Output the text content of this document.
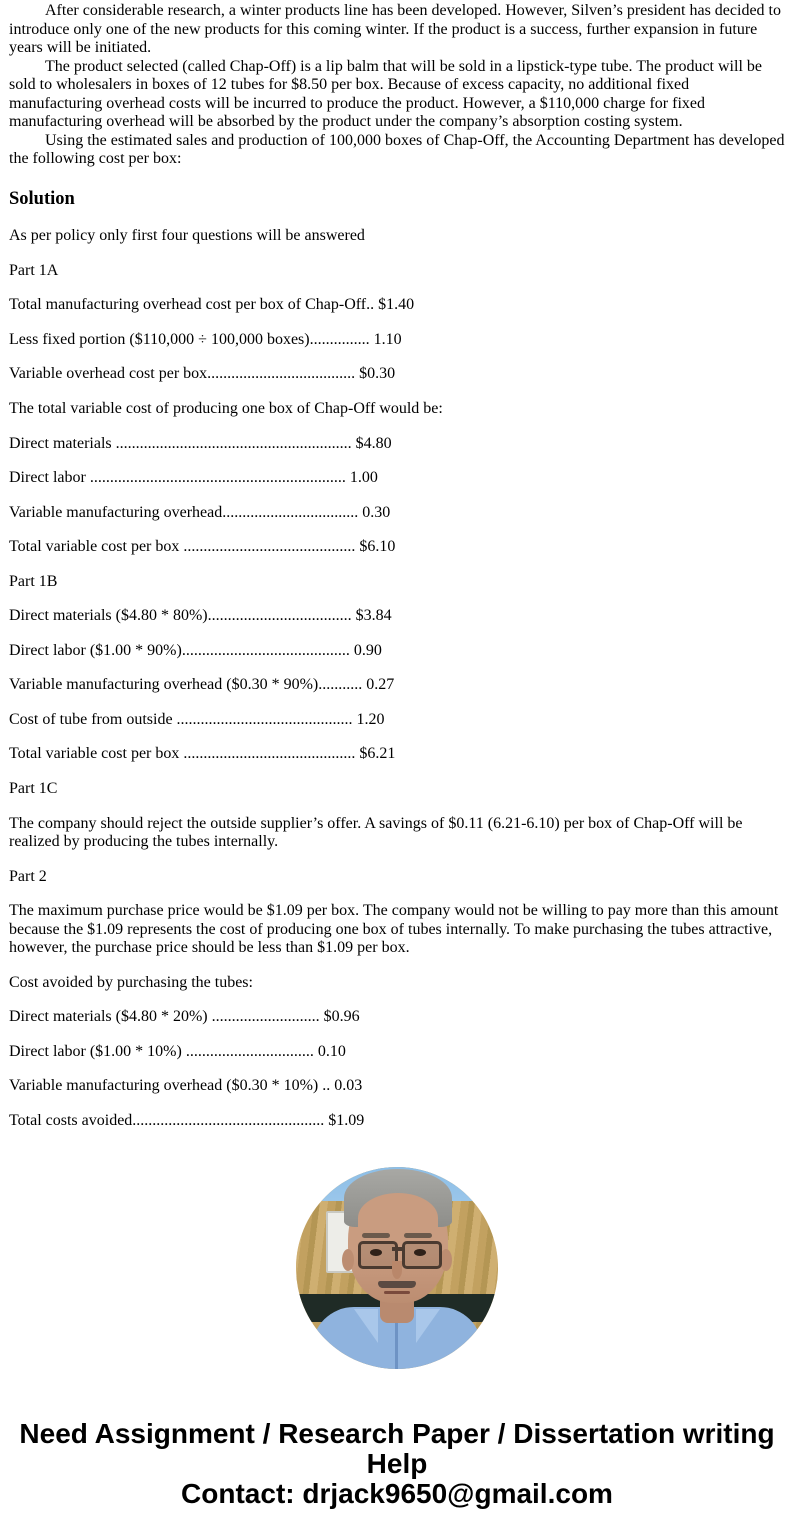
After considerable research, a winter products line has been developed. However, Silven’s president has decided to introduce only one of the new products for this coming winter. If the product is a success, further expansion in future years will be initiated.

The product selected (called Chap-Off) is a lip balm that will be sold in a lipstick-type tube. The product will be sold to wholesalers in boxes of 12 tubes for $8.50 per box. Because of excess capacity, no additional fixed manufacturing overhead costs will be incurred to produce the product. However, a $110,000 charge for fixed manufacturing overhead will be absorbed by the product under the company’s absorption costing system.

Using the estimated sales and production of 100,000 boxes of Chap-Off, the Accounting Department has developed the following cost per box:

Solution

As per policy only first four questions will be answered

Part 1A

Total manufacturing overhead cost per box of Chap-Off.. $1.40

Less fixed portion ($110,000 ÷ 100,000 boxes)............... 1.10

Variable overhead cost per box..................................... $0.30

The total variable cost of producing one box of Chap-Off would be:

Direct materials ........................................................... $4.80

Direct labor ................................................................ 1.00

Variable manufacturing overhead.................................. 0.30

Total variable cost per box ........................................... $6.10

Part 1B

Direct materials ($4.80 * 80%).................................... $3.84

Direct labor ($1.00 * 90%).......................................... 0.90

Variable manufacturing overhead ($0.30 * 90%)........... 0.27

Cost of tube from outside ............................................ 1.20

Total variable cost per box ........................................... $6.21

Part 1C

The company should reject the outside supplier’s offer. A savings of $0.11 (6.21-6.10) per box of Chap-Off will be realized by producing the tubes internally.

Part 2

The maximum purchase price would be $1.09 per box. The company would not be willing to pay more than this amount because the $1.09 represents the cost of producing one box of tubes internally. To make purchasing the tubes attractive, however, the purchase price should be less than $1.09 per box.

Cost avoided by purchasing the tubes:

Direct materials ($4.80 * 20%) ........................... $0.96

Direct labor ($1.00 * 10%) ................................ 0.10

Variable manufacturing overhead ($0.30 * 10%) .. 0.03

Total costs avoided................................................ $1.09

Need Assignment / Research Paper / Dissertation writing Help
Contact: drjack9650@gmail.com
